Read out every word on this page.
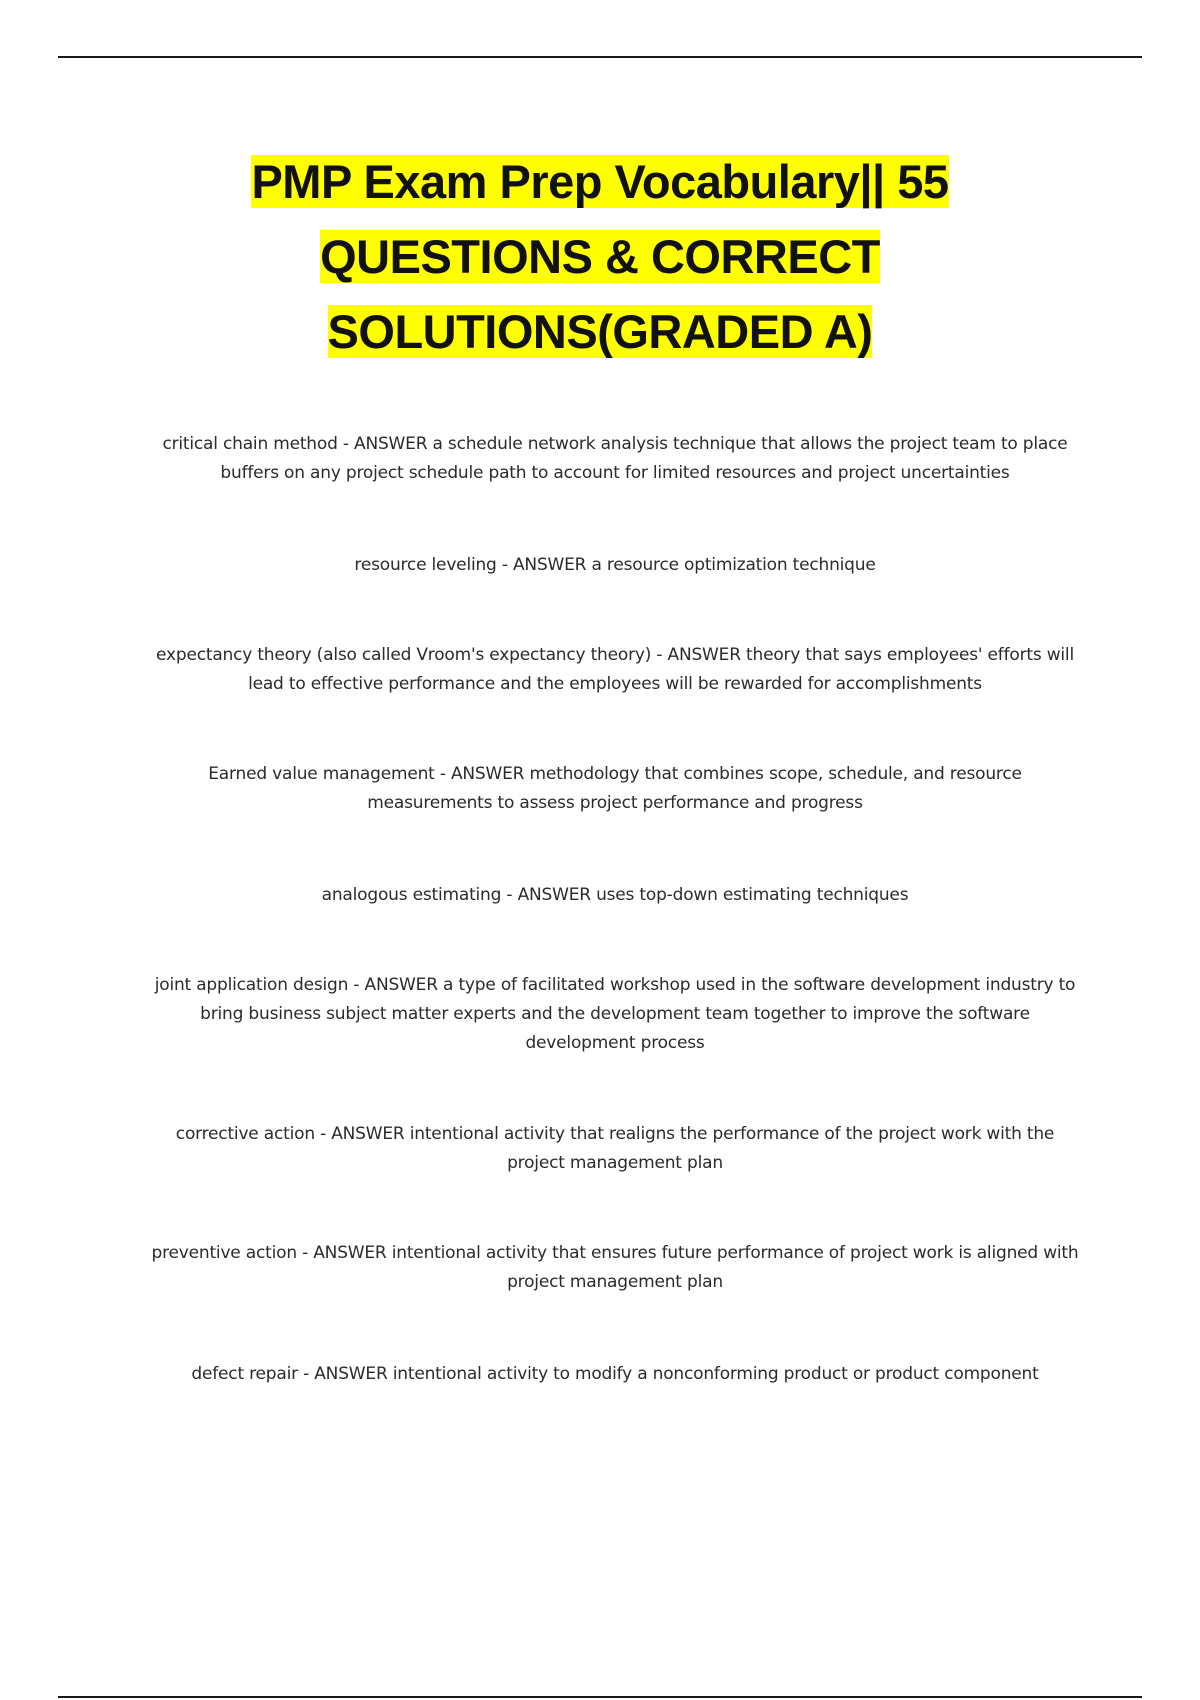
PMP Exam Prep Vocabulary|| 55 QUESTIONS & CORRECT SOLUTIONS(GRADED A)
critical chain method - ANSWER a schedule network analysis technique that allows the project team to place buffers on any project schedule path to account for limited resources and project uncertainties
resource leveling - ANSWER a resource optimization technique
expectancy theory (also called Vroom's expectancy theory) - ANSWER theory that says employees' efforts will lead to effective performance and the employees will be rewarded for accomplishments
Earned value management - ANSWER methodology that combines scope, schedule, and resource measurements to assess project performance and progress
analogous estimating - ANSWER uses top-down estimating techniques
joint application design - ANSWER a type of facilitated workshop used in the software development industry to bring business subject matter experts and the development team together to improve the software development process
corrective action - ANSWER intentional activity that realigns the performance of the project work with the project management plan
preventive action - ANSWER intentional activity that ensures future performance of project work is aligned with project management plan
defect repair - ANSWER intentional activity to modify a nonconforming product or product component
